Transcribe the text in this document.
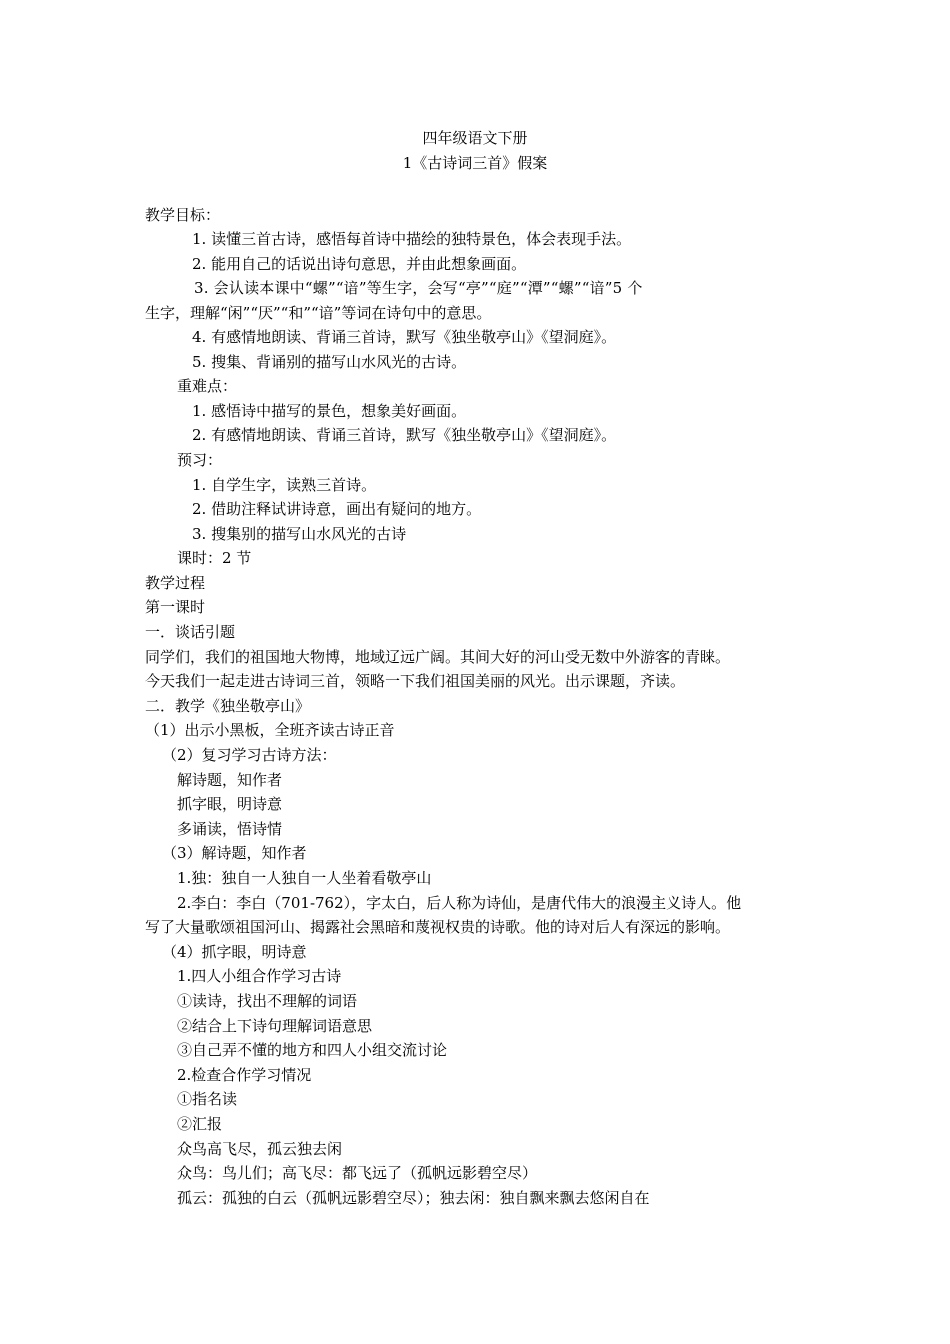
四年级语文下册
1《古诗词三首》假案
教学目标：
1. 读懂三首古诗，感悟每首诗中描绘的独特景色，体会表现手法。
2. 能用自己的话说出诗句意思，并由此想象画面。
3. 会认读本课中“螺”“谙”等生字，会写“亭”“庭”“潭”“螺”“谙”5 个
生字，理解“闲”“厌”“和”“谙”等词在诗句中的意思。
4. 有感情地朗读、背诵三首诗，默写《独坐敬亭山》《望洞庭》。
5. 搜集、背诵别的描写山水风光的古诗。
重难点：
1. 感悟诗中描写的景色，想象美好画面。
2. 有感情地朗读、背诵三首诗，默写《独坐敬亭山》《望洞庭》。
预习：
1. 自学生字，读熟三首诗。
2. 借助注释试讲诗意，画出有疑问的地方。
3. 搜集别的描写山水风光的古诗
课时：2 节
教学过程
第一课时
一．谈话引题
同学们，我们的祖国地大物博，地域辽远广阔。其间大好的河山受无数中外游客的青睐。
今天我们一起走进古诗词三首，领略一下我们祖国美丽的风光。出示课题，齐读。
二．教学《独坐敬亭山》
（1）出示小黑板，全班齐读古诗正音
（2）复习学习古诗方法：
解诗题，知作者
抓字眼，明诗意
多诵读，悟诗情
（3）解诗题，知作者
1.独：独自一人独自一人坐着看敬亭山
2.李白：李白（701-762），字太白，后人称为诗仙，是唐代伟大的浪漫主义诗人。他
写了大量歌颂祖国河山、揭露社会黑暗和蔑视权贵的诗歌。他的诗对后人有深远的影响。
（4）抓字眼，明诗意
1.四人小组合作学习古诗
①读诗，找出不理解的词语
②结合上下诗句理解词语意思
③自己弄不懂的地方和四人小组交流讨论
2.检查合作学习情况
①指名读
②汇报
众鸟高飞尽，孤云独去闲
众鸟：鸟儿们；高飞尽：都飞远了（孤帆远影碧空尽）
孤云：孤独的白云（孤帆远影碧空尽）；独去闲：独自飘来飘去悠闲自在
